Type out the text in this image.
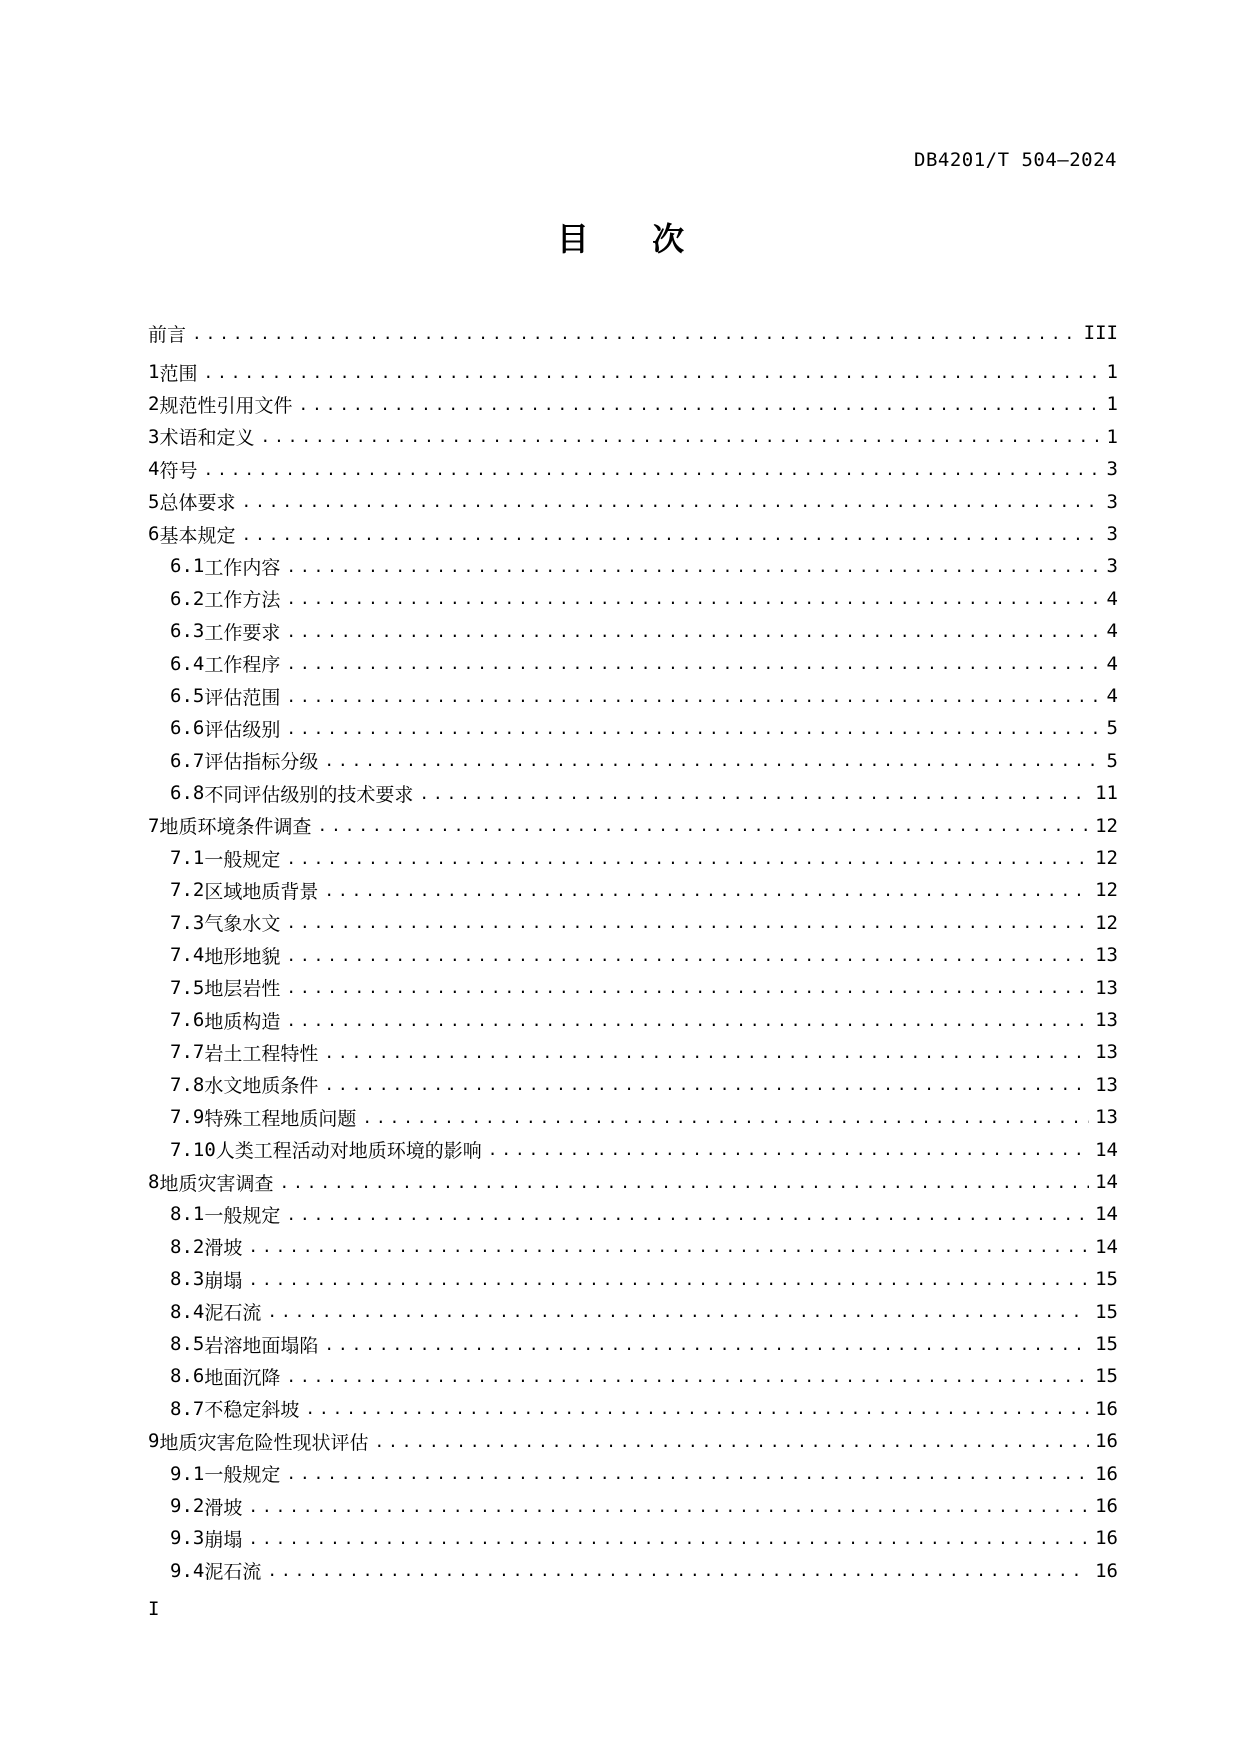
DB4201/T 504—2024
目 次
前言 .....	III
1 范围 .....	1
2 规范性引用文件 .....	1
3 术语和定义 .....	1
4 符号 .....	3
5 总体要求 .....	3
6 基本规定 .....	3
6.1 工作内容 .....	3
6.2 工作方法 .....	4
6.3 工作要求 .....	4
6.4 工作程序 .....	4
6.5 评估范围 .....	4
6.6 评估级别 .....	5
6.7 评估指标分级 .....	5
6.8 不同评估级别的技术要求 .....	11
7 地质环境条件调查 .....	12
7.1 一般规定 .....	12
7.2 区域地质背景 .....	12
7.3 气象水文 .....	12
7.4 地形地貌 .....	13
7.5 地层岩性 .....	13
7.6 地质构造 .....	13
7.7 岩土工程特性 .....	13
7.8 水文地质条件 .....	13
7.9 特殊工程地质问题 .....	13
7.10 人类工程活动对地质环境的影响 .....	14
8 地质灾害调查 .....	14
8.1 一般规定 .....	14
8.2 滑坡 .....	14
8.3 崩塌 .....	15
8.4 泥石流 .....	15
8.5 岩溶地面塌陷 .....	15
8.6 地面沉降 .....	15
8.7 不稳定斜坡 .....	16
9 地质灾害危险性现状评估 .....	16
9.1 一般规定 .....	16
9.2 滑坡 .....	16
9.3 崩塌 .....	16
9.4 泥石流 .....	16
I
